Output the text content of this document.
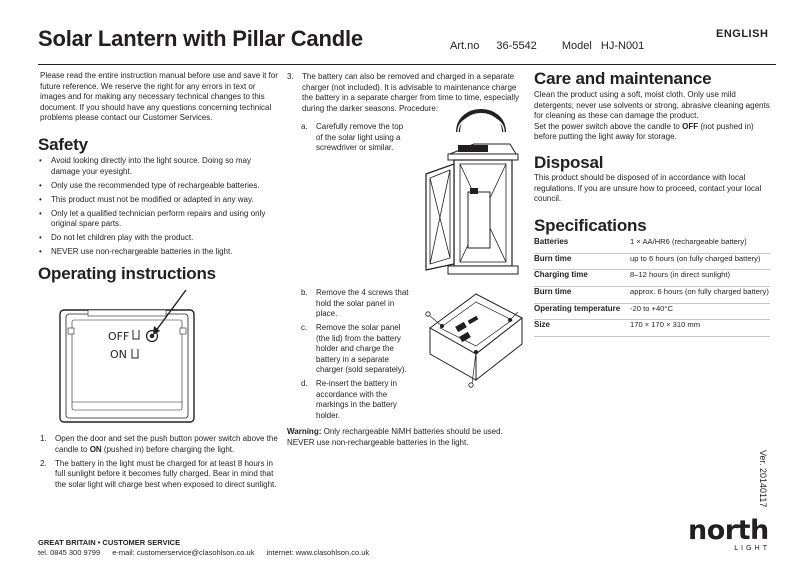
Solar Lantern with Pillar Candle	Art.no 36-5542 Model HJ-N001
ENGLISH

Please read the entire instruction manual before use and save it for future reference. We reserve the right for any errors in text or images and for making any necessary technical changes to this document. If you should have any questions concerning technical problems please contact our Customer Services.

Safety
• Avoid looking directly into the light source. Doing so may damage your eyesight.
• Only use the recommended type of rechargeable batteries.
• This product must not be modified or adapted in any way.
• Only let a qualified technician perform repairs and using only original spare parts.
• Do not let children play with the product.
• NEVER use non-rechargeable batteries in the light.
Operating instructions
OFF
ON
1. Open the door and set the push button power switch above the candle to ON (pushed in) before charging the light.
2. The battery in the light must be charged for at least 8 hours in full sunlight before it becomes fully charged. Bear in mind that the solar light will charge best when exposed to direct sunlight.
3. The battery can also be removed and charged in a separate charger (not included). It is advisable to maintenance charge the battery in a separate charger from time to time, especially during the darker seasons. Procedure:
a. Carefully remove the top of the solar light using a screwdriver or similar.
b. Remove the 4 screws that hold the solar panel in place.
c. Remove the solar panel (the lid) from the battery holder and charge the battery in a separate charger (sold separately).
d. Re-insert the battery in accordance with the markings in the battery holder.

Warning: Only rechargeable NiMH batteries should be used. NEVER use non-rechargeable batteries in the light.

Care and maintenance

Clean the product using a soft, moist cloth. Only use mild detergents; never use solvents or strong, abrasive cleaning agents for cleaning as these can damage the product.
Set the power switch above the candle to OFF (not pushed in) before putting the light away for storage.

Disposal

This product should be disposed of in accordance with local regulations. If you are unsure how to proceed, contact your local council.

Specifications
Batteries	1 × AA/HR6 (rechargeable battery)
Burn time	up to 6 hours (on fully charged battery)
Charging time	8–12 hours (in direct sunlight)
Burn time	approx. 6 hours (on fully charged battery)
Operating temperature	-20 to +40°C
Size	170 × 170 × 310 mm
Ver. 20140117
GREAT BRITAIN • CUSTOMER SERVICE
tel. 0845 300 9799 e-mail: customerservice@clasohlson.co.uk internet: www.clasohlson.co.uk
north
LIGHT
